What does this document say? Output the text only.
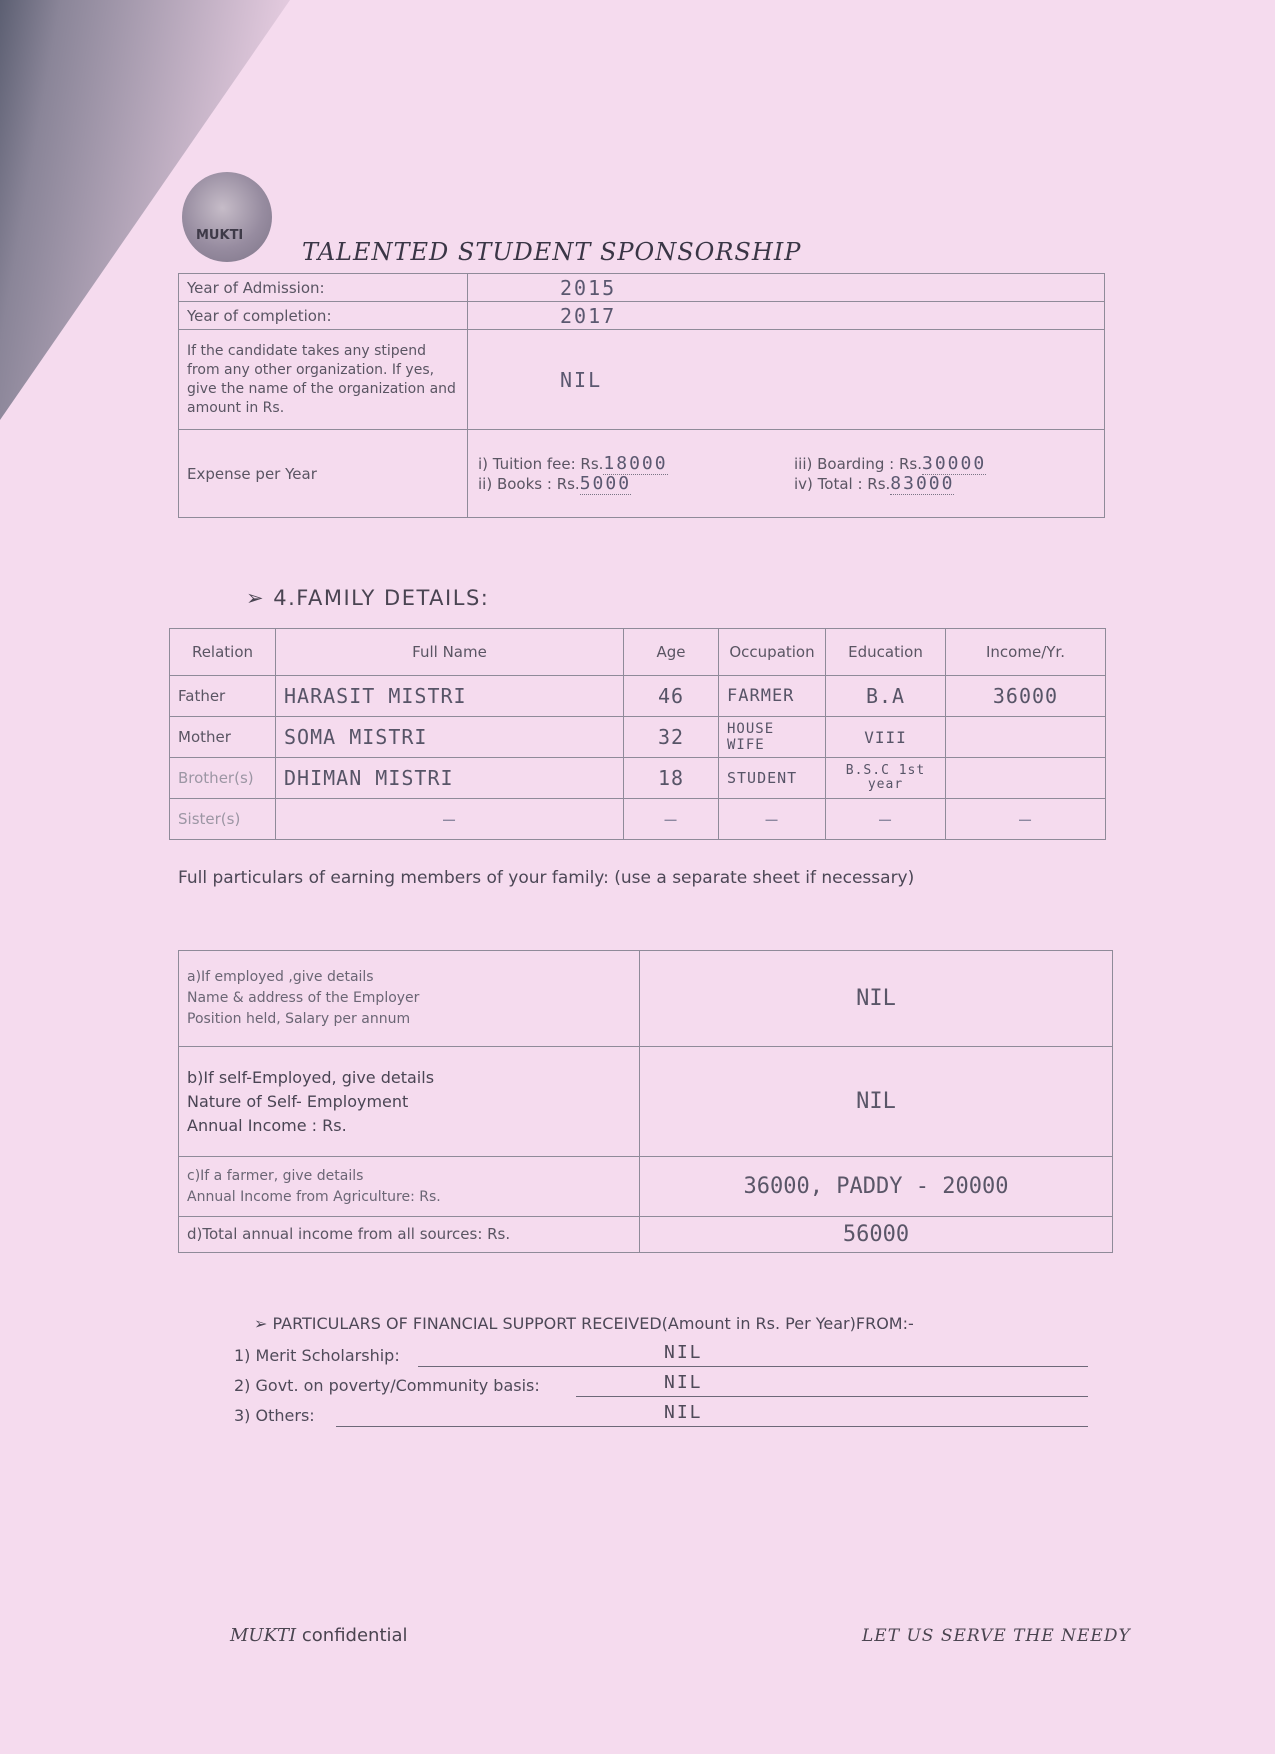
MUKTI
TALENTED STUDENT SPONSORSHIP
Year of Admission:	2015
Year of completion:	2017
If the candidate takes any stipend from any other organization. If yes, give the name of the organization and amount in Rs.	NIL
Expense per Year	i) Tuition fee: Rs.18000 iii) Boarding : Rs.30000
ii) Books : Rs.5000 iv) Total : Rs.83000
➢ 4.FAMILY DETAILS:
Relation	Full Name	Age	Occupation	Education	Income/Yr.
Father	HARASIT MISTRI	46	FARMER	B.A	36000
Mother	SOMA MISTRI	32	HOUSE WIFE	VIII	
Brother(s)	DHIMAN MISTRI	18	STUDENT	B.S.C 1st year	
Sister(s)	—	—	—	—	—
Full particulars of earning members of your family: (use a separate sheet if necessary)
a)If employed ,give details
Name & address of the Employer
Position held, Salary per annum	NIL
b)If self-Employed, give details
Nature of Self- Employment
Annual Income : Rs.	NIL
c)If a farmer, give details
Annual Income from Agriculture: Rs.	36000, PADDY - 20000
d)Total annual income from all sources: Rs.	56000
➢ PARTICULARS OF FINANCIAL SUPPORT RECEIVED(Amount in Rs. Per Year)FROM:-
1) Merit Scholarship:	NIL
2) Govt. on poverty/Community basis:	NIL
3) Others:	NIL
MUKTI confidential	LET US SERVE THE NEEDY
